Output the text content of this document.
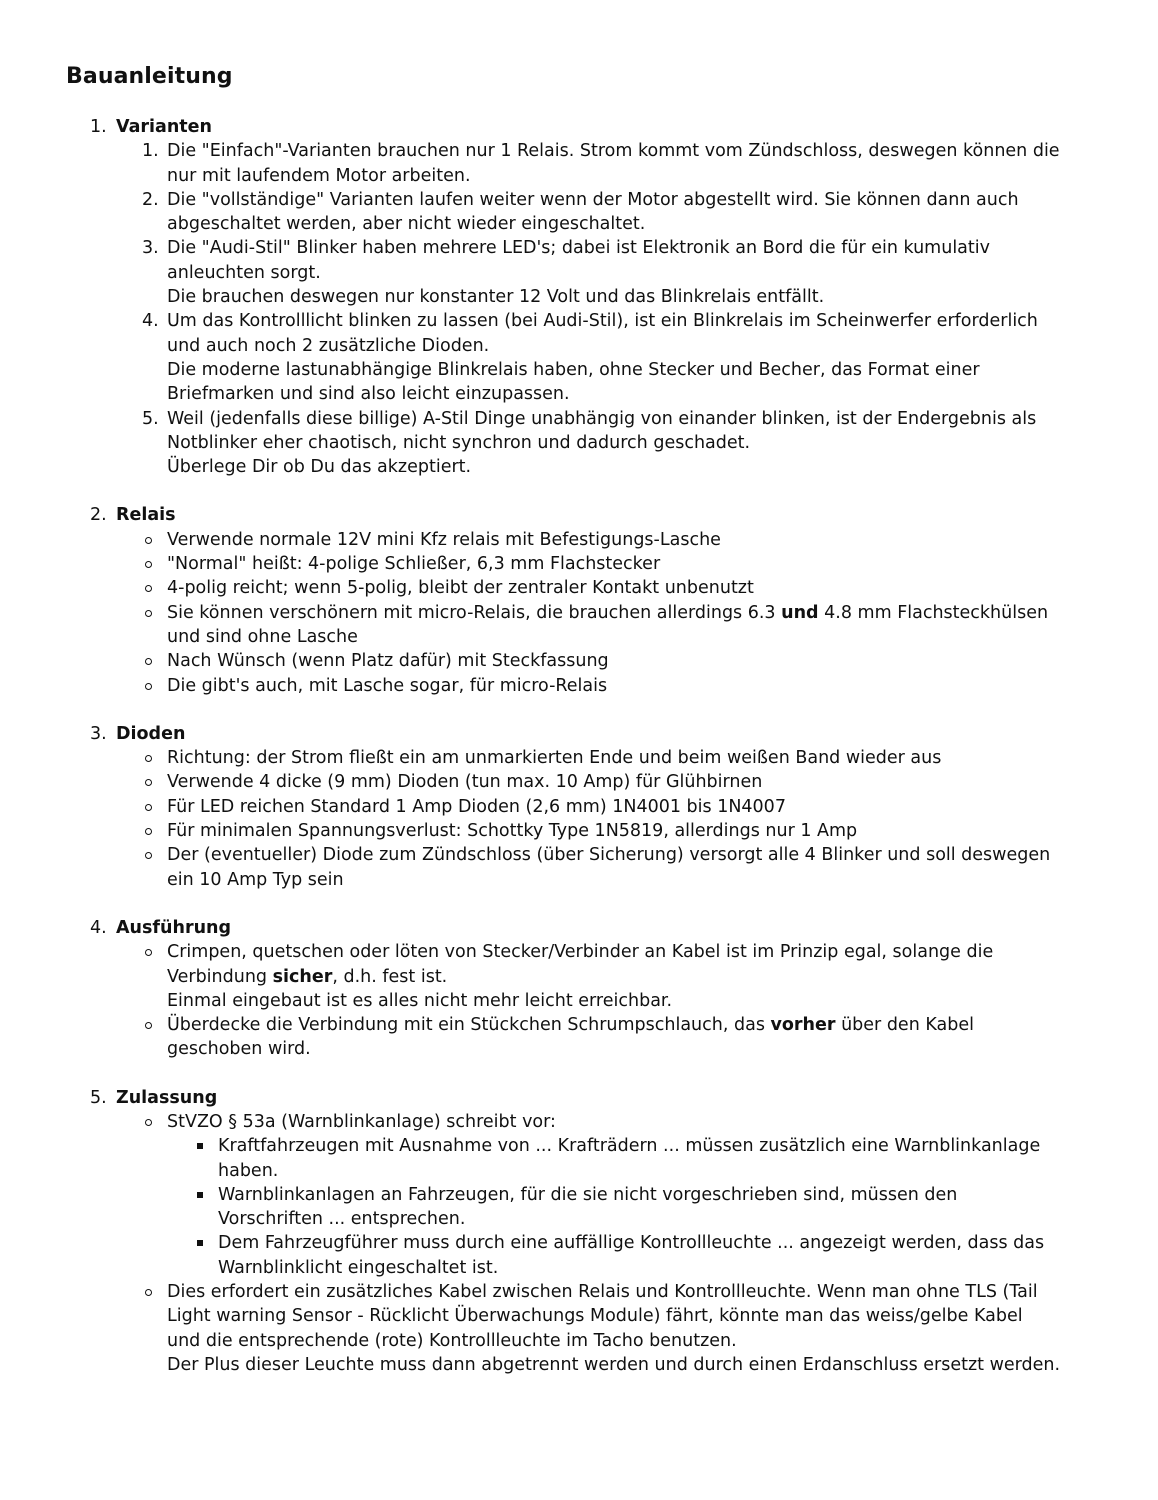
Bauanleitung
1. Varianten
1. Die "Einfach"-Varianten brauchen nur 1 Relais. Strom kommt vom Zündschloss, deswegen können die
nur mit laufendem Motor arbeiten.
2. Die "vollständige" Varianten laufen weiter wenn der Motor abgestellt wird. Sie können dann auch
abgeschaltet werden, aber nicht wieder eingeschaltet.
3. Die "Audi-Stil" Blinker haben mehrere LED's; dabei ist Elektronik an Bord die für ein kumulativ
anleuchten sorgt.
Die brauchen deswegen nur konstanter 12 Volt und das Blinkrelais entfällt.
4. Um das Kontrolllicht blinken zu lassen (bei Audi-Stil), ist ein Blinkrelais im Scheinwerfer erforderlich
und auch noch 2 zusätzliche Dioden.
Die moderne lastunabhängige Blinkrelais haben, ohne Stecker und Becher, das Format einer
Briefmarken und sind also leicht einzupassen.
5. Weil (jedenfalls diese billige) A-Stil Dinge unabhängig von einander blinken, ist der Endergebnis als
Notblinker eher chaotisch, nicht synchron und dadurch geschadet.
Überlege Dir ob Du das akzeptiert.
2. Relais
Verwende normale 12V mini Kfz relais mit Befestigungs-Lasche
"Normal" heißt: 4-polige Schließer, 6,3 mm Flachstecker
4-polig reicht; wenn 5-polig, bleibt der zentraler Kontakt unbenutzt
Sie können verschönern mit micro-Relais, die brauchen allerdings 6.3 und 4.8 mm Flachsteckhülsen
und sind ohne Lasche
Nach Wünsch (wenn Platz dafür) mit Steckfassung
Die gibt's auch, mit Lasche sogar, für micro-Relais
3. Dioden
Richtung: der Strom fließt ein am unmarkierten Ende und beim weißen Band wieder aus
Verwende 4 dicke (9 mm) Dioden (tun max. 10 Amp) für Glühbirnen
Für LED reichen Standard 1 Amp Dioden (2,6 mm) 1N4001 bis 1N4007
Für minimalen Spannungsverlust: Schottky Type 1N5819, allerdings nur 1 Amp
Der (eventueller) Diode zum Zündschloss (über Sicherung) versorgt alle 4 Blinker und soll deswegen
ein 10 Amp Typ sein
4. Ausführung
Crimpen, quetschen oder löten von Stecker/Verbinder an Kabel ist im Prinzip egal, solange die
Verbindung sicher, d.h. fest ist.
Einmal eingebaut ist es alles nicht mehr leicht erreichbar.
Überdecke die Verbindung mit ein Stückchen Schrumpschlauch, das vorher über den Kabel
geschoben wird.
5. Zulassung
StVZO § 53a (Warnblinkanlage) schreibt vor:
Kraftfahrzeugen mit Ausnahme von ... Krafträdern ... müssen zusätzlich eine Warnblinkanlage
haben.
Warnblinkanlagen an Fahrzeugen, für die sie nicht vorgeschrieben sind, müssen den
Vorschriften ... entsprechen.
Dem Fahrzeugführer muss durch eine auffällige Kontrollleuchte ... angezeigt werden, dass das
Warnblinklicht eingeschaltet ist.
Dies erfordert ein zusätzliches Kabel zwischen Relais und Kontrollleuchte. Wenn man ohne TLS (Tail
Light warning Sensor - Rücklicht Überwachungs Module) fährt, könnte man das weiss/gelbe Kabel
und die entsprechende (rote) Kontrollleuchte im Tacho benutzen.
Der Plus dieser Leuchte muss dann abgetrennt werden und durch einen Erdanschluss ersetzt werden.
